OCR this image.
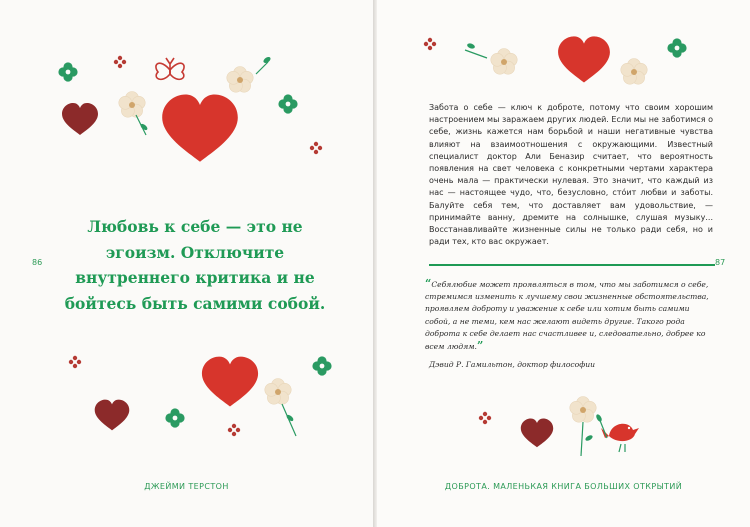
Любовь к себе — это не эгоизм. Отключите внутреннего критика и не бойтесь быть самими собой.
86
ДЖЕЙМИ ТЕРСТОН
Забота о себе — ключ к доброте, потому что своим хорошим настроением мы заражаем других людей. Если мы не заботимся о себе, жизнь кажется нам борьбой и наши негативные чувства влияют на взаимоотношения с окружающими. Известный специалист доктор Али Беназир считает, что вероятность появления на свет человека с конкретными чертами характера очень мала — практически нулевая. Это значит, что каждый из нас — настоящее чудо, что, безусловно, стóит любви и заботы. Балуйте себя тем, что доставляет вам удовольствие, — принимайте ванну, дремите на солнышке, слушая музыку... Восстанавливайте жизненные силы не только ради себя, но и ради тех, кто вас окружает.
87
“Себялюбие может проявляться в том, что мы заботимся о себе, стремимся изменить к лучшему свои жизненные обстоятельства, проявляем доброту и уважение к себе или хотим быть самими собой, а не теми, кем нас желают видеть другие. Такого рода доброта к себе делает нас счастливее и, следовательно, добрее ко всем людям.”
Дэвид Р. Гамильтон, доктор философии
ДОБРОТА. МАЛЕНЬКАЯ КНИГА БОЛЬШИХ ОТКРЫТИЙ
